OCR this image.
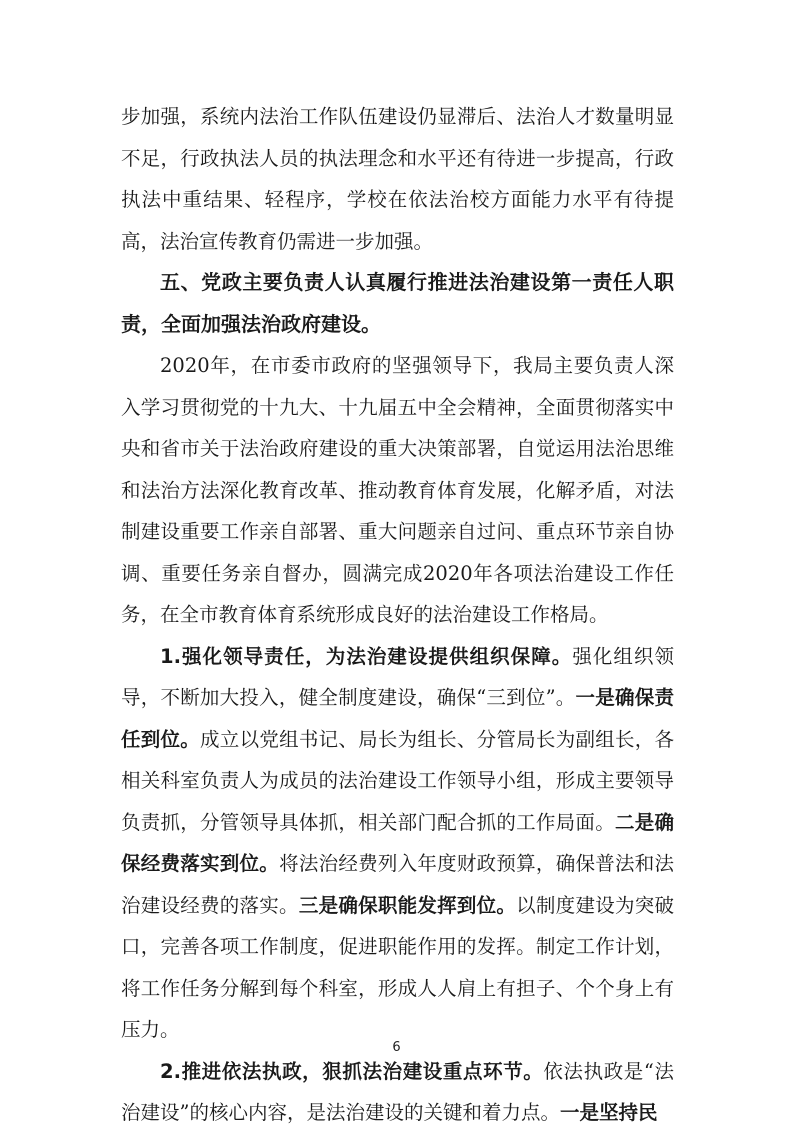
步加强，系统内法治工作队伍建设仍显滞后、法治人才数量明显不足，行政执法人员的执法理念和水平还有待进一步提高，行政执法中重结果、轻程序，学校在依法治校方面能力水平有待提高，法治宣传教育仍需进一步加强。

五、党政主要负责人认真履行推进法治建设第一责任人职责，全面加强法治政府建设。

2020年，在市委市政府的坚强领导下，我局主要负责人深入学习贯彻党的十九大、十九届五中全会精神，全面贯彻落实中央和省市关于法治政府建设的重大决策部署，自觉运用法治思维和法治方法深化教育改革、推动教育体育发展，化解矛盾，对法制建设重要工作亲自部署、重大问题亲自过问、重点环节亲自协调、重要任务亲自督办，圆满完成2020年各项法治建设工作任务，在全市教育体育系统形成良好的法治建设工作格局。

1.强化领导责任，为法治建设提供组织保障。强化组织领导，不断加大投入，健全制度建设，确保“三到位”。一是确保责任到位。成立以党组书记、局长为组长、分管局长为副组长，各相关科室负责人为成员的法治建设工作领导小组，形成主要领导负责抓，分管领导具体抓，相关部门配合抓的工作局面。二是确保经费落实到位。将法治经费列入年度财政预算，确保普法和法治建设经费的落实。三是确保职能发挥到位。以制度建设为突破口，完善各项工作制度，促进职能作用的发挥。制定工作计划，将工作任务分解到每个科室，形成人人肩上有担子、个个身上有压力。

2.推进依法执政，狠抓法治建设重点环节。依法执政是“法治建设”的核心内容，是法治建设的关键和着力点。一是坚持民

6
